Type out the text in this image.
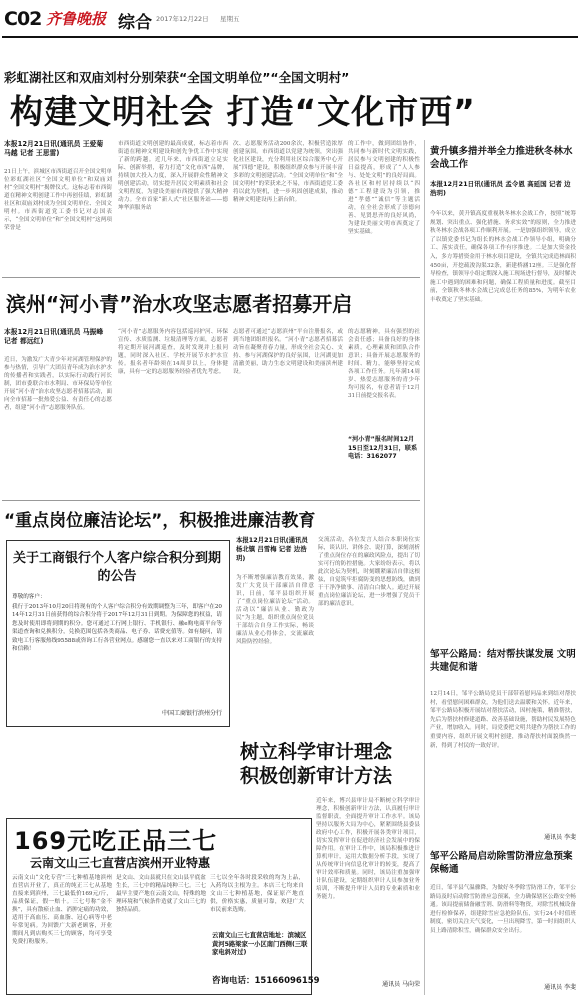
C02 齐鲁晚报 综合 2017年12月22日 星期五
彩虹湖社区和双庙刘村分别荣获“全国文明单位”“全国文明村”
构建文明社会 打造“文化市西”
本报12月21日讯(通讯员 王爱菊 马越 记者 王思雷)
21日上午，滨城区市西街道召开全国文明单位彩虹湖社区“全国文明单位”和双庙刘村“全国文明村”揭牌仪式。这标志着市西街道在精神文明创建工作中再创佳绩，彩虹湖社区和双庙刘村成为全国文明单位、全国文明村。市西街道党工委书记对志国表示，“全国文明单位”和“全国文明村”这两项荣誉是
市西街道文明创建的最高成就，标志着市西街道在精神文明建设和创先争优工作中实现了新的跨越。近几年来，市西街道立足实际、创新举措，着力打造“文化市西”品牌，持续加大投入力度，深入开展群众性精神文明创建活动，切实提升居民文明素质和社会文明程度，为建设美丽市西提供了强大精神动力。全市首家“新人式”社区服务站——德坤华滨服务站
次、志愿服务活动200余次，积极营造浓厚创建氛围。市西街道以党建为统领，突出强化社区建设，充分利用社区综合服务中心开展“四德”建设，积极组织群众参与开展丰富多彩的文明创建活动。“全国文明单位”和“全国文明村”的荣获来之不易，市西街道党工委将以此为契机，进一步巩固创建成果，推动精神文明建设再上新台阶。
的工作中，做到团结协作，共同参与新时代文明实践，居民参与文明创建的积极性日益提高，形成了“人人参与、处处文明”的良好局面。各社区和村居持续以“四德”工程建设为引领，推进“孝德”“诚信”等主题活动，在全社会形成了崇德向善、见贤思齐的良好风尚，为建设美丽文明市西奠定了坚实基础。
滨州“河小青”治水攻坚志愿者招募开启
本报12月21日讯(通讯员 马振峰 记者 都远红)
近日，为激发广大青少年对河湖管理保护的参与热情，引导广大团员青年成为治水护水的传播者和实践者，以实际行动践行河长制，团市委联合市水利局、市环保局等单位开展“河小青”治水攻坚志愿者招募活动，面向全市招募一批热爱公益、有责任心的志愿者，组建“河小青”志愿服务队伍。
“河小青”志愿服务内容包括巡河护河、环保宣传、水质监测、垃圾清理等方面，志愿者将定期开展河湖巡查，及时发现并上报问题，同时深入社区、学校开展节水护水宣传。报名者年龄须在14周岁以上，身体健康，具有一定的志愿服务经验者优先考虑。
志愿者可通过“志愿滨州”平台注册报名，或到当地团组织报名。“河小青”志愿者招募活动旨在凝聚青春力量，形成全社会关心、支持、参与河湖保护的良好氛围，让河湖更加清澈美丽，助力生态文明建设和美丽滨州建设。
的志愿精神，具有强烈的社会责任感；具备良好的身体素质，心理素质和团队合作意识；具备开展志愿服务的时间、精力，能够坚持完成各项工作任务。凡年满14周岁、热爱志愿服务的青少年均可报名，有意者请于12月31日前提交报名表。
“河小青”报名时间12月15日至12月31日，联系电话：3162077
黄升镇多措并举全力推进秋冬林水会战工作
本报12月21日讯(通讯员 孟令恩 高延国 记者 边浩玥)
今年以来，黄升镇高度重视秋冬林水会战工作，按照“统筹规划、突出重点、强化措施、务求实效”的原则，全力推进秋冬林水会战各项工作顺利开展。一是加强组织领导，成立了以镇党委书记为组长的林水会战工作领导小组，明确分工、落实责任，确保各项工作有序推进。二是加大资金投入，多方筹措资金用于林水项目建设，全镇共完成造林面积450亩，开挖疏浚沟渠32条，新建桥涵12座。三是强化督导检查，镇领导小组定期深入施工现场进行督导，及时解决施工中遇到的困难和问题，确保工程质量和进度。截至目前，全镇秋冬林水会战已完成总任务的85%，为明年农业丰收奠定了坚实基础。
邹平公路局：结对帮扶谋发展 文明共建促和谐
12月14日，邹平公路局党员干部带着慰问品来到结对帮扶村，看望慰问困难群众，为他们送去温暖和关怀。近年来，邹平公路局积极开展结对帮扶活动，因村施策，精准帮扶，先后为帮扶村修建道路、改善基础设施，帮助村民发展特色产业，增加收入。同时，局党委把文明共建作为帮扶工作的重要内容，组织开展文明村创建，推动帮扶村面貌焕然一新，得到了村民的一致好评。
通讯员 李斐
邹平公路局启动除雪防滑应急预案保畅通
近日，邹平县气温骤降，为做好冬季除雪防滑工作，邹平公路局及时启动除雪防滑应急预案，全力确保辖区公路安全畅通。该局提前储备融雪剂、防滑料等物资，对除雪机械设备进行检修保养，组建除雪应急抢险队伍，实行24小时值班制度，密切关注天气变化，一旦出现降雪，第一时间组织人员上路清除积雪，确保群众安全出行。
通讯员 李斐
“重点岗位廉洁论坛”，积极推进廉洁教育
本报12月21日讯(通讯员 杨北镇 吕雪梅 记者 边浩玥)
为不断增强廉洁教育效果，激发广大党员干部廉洁自律意识，日前，邹平县组织开展了“重点岗位廉洁论坛”活动。活动以“廉洁从业、勤政为民”为主题，组织重点岗位党员干部结合自身工作实际，畅谈廉洁从业心得体会，交流廉政风险防控经验。
交流活动，各位发言人结合本职岗位实际，谈认识、讲体会、说打算，深刻剖析了重点岗位存在的廉政风险点，提出了切实可行的防控措施。大家纷纷表示，将以此次论坛为契机，时刻绷紧廉洁自律这根弦，自觉筑牢拒腐防变的思想防线，做到干干净净做事、清清白白做人。通过开展重点岗位廉洁论坛，进一步增强了党员干部的廉洁意识。
关于工商银行个人客户综合积分到期的公告
尊敬的客户：
我行于2013年10月20日将现有的个人客户综合积分有效期调整为三年，即客户在2014年12月31日前获得的综合积分将于2017年12月31日到期。为保障您的权益，请您及时使用即将到期的积分。您可通过工行网上银行、手机银行、融e购电商平台等渠道查询和兑换积分，兑换范围包括各类商品、电子券、话费充值等。如有疑问，请致电工行客服热线95588或咨询工行各营业网点。感谢您一直以来对工商银行的支持和信赖！
中国工商银行滨州分行
树立科学审计理念
积极创新审计方法
近年来，博兴县审计局不断树立科学审计理念，积极创新审计方法，认真履行审计监督职责，全面提升审计工作水平。该局坚持以服务大局为中心，紧紧围绕县委县政府中心工作，积极开展各类审计项目，切实发挥审计在促进经济社会发展中的保障作用。在审计工作中，该局积极推进计算机审计，运用大数据分析手段，实现了从传统审计向信息化审计的转变，提高了审计效率和质量。同时，该局注重加强审计队伍建设，定期组织审计人员参加业务培训，不断提升审计人员的专业素质和业务能力。
通讯员 马向荣
169元吃正品三七
云南文山三七直营店滨州开业特惠
云南文山“文化专营”三七种植基地滨州直营店开业了，真正的纯正三七从基地直接来到滨州，三七最低价169元/斤，品质保证，假一赔十。三七号称“金不换”，具有散瘀止血、消肿定痛的功效，适用于高血压、高血脂、冠心病等中老年常见病。为回馈广大新老顾客，开业期间凡到店购买三七的顾客，均可享受免费打粉服务。
是文山、文山县就只在文山县平底盆生长，三七中的精品纯种三七。三七最早主要产地在云南文山，特殊的地理环境和气候条件造就了文山三七的独特品质。
三七以全年各时段采收的均为上品，入药均以主根为主。本店三七均来自文山三七种植基地，保证原产地直供，价格实惠，质量可靠，欢迎广大市民前来选购。
云南文山三七直营店地址：滨城区黄河5路梁家一小区南门西侧(三联家电斜对过)
咨询电话：15166096159
